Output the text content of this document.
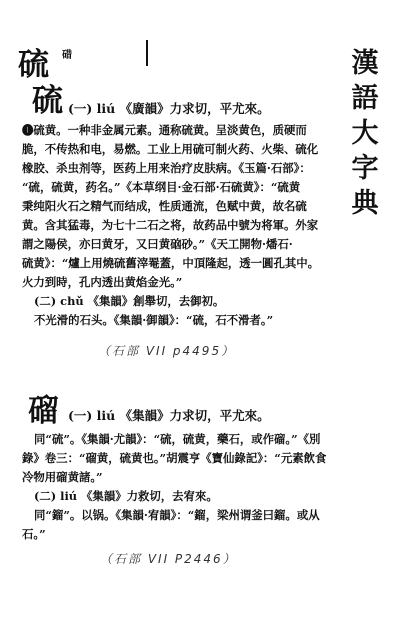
碏	漢
語
大
字
典
硫
硫 (一) liú 《廣韻》力求切，平尤來。
❶硫黄。一种非金属元素。通称硫黄。呈淡黄色，质硬而
脆，不传热和电，易燃。工业上用硫可制火药、火柴、硫化
橡胶、杀虫剂等，医药上用来治疗皮肤病。《玉篇·石部》：
“硫，硫黄，药名。”《本草纲目·金石部·石硫黄》：“硫黄
秉纯阳火石之精气而结成，性质通流，色赋中黄，故名硫
黄。含其猛毒，为七十二石之将，故药品中號为将軍。外家
謂之陽侯，亦曰黄牙，又曰黄硇砂。”《天工開物·燔石·
硫黄》：“爐上用燒硫舊滓罨蓋，中頂隆起，透一圓孔其中。
火力到時，孔内透出黄焰金光。”
(二) chǔ 《集韻》創舉切，去御初。
不光滑的石头。《集韻·御韻》：“硫，石不滑者。”
（石部 VII p4495）
磂 (一) liú 《集韻》力求切，平尤來。
同“硫”。《集韻·尤韻》：“硫，硫黄，藥石，或作磂。”《別
錄》卷三：“磂黄，硫黄也。”胡震亨《寶仙錄記》：“元素飲食
冷物用磂黄諸。”
(二) liú 《集韻》力救切，去宥來。
同“鎦”。以锅。《集韻·宥韻》：“鎦，梁州谓釜曰鎦。或从
石。”
（石部 VII P2446）
